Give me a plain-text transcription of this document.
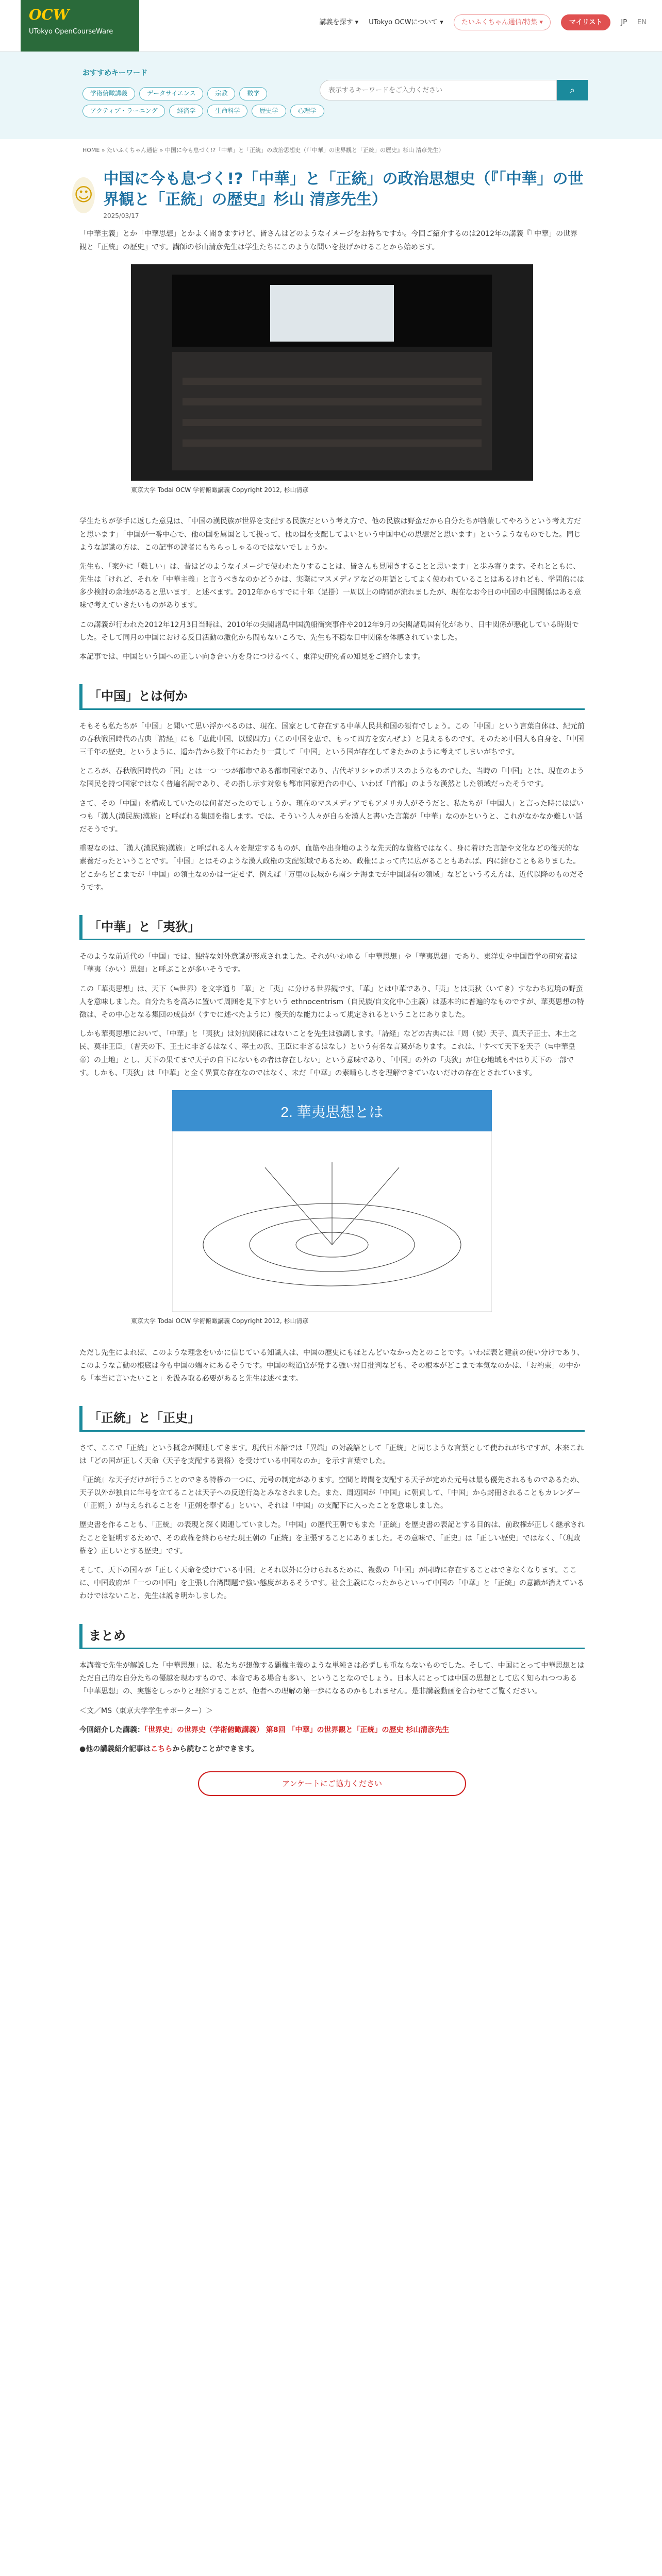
OCW
UTokyo OpenCourseWare
講義を探す ▾ UTokyo OCWについて ▾	たいふくちゃん通信/特集 ▾	マイリスト	JP EN
おすすめキーワード
学術俯瞰講義	データサイエンス	宗教	数学
アクティブ・ラーニング	経済学	生命科学	歴史学	心理学
表示するキーワードをご入力ください
⌕
HOME » たいふくちゃん通信 » 中国に今も息づく!?「中華」と「正統」の政治思想史（『「中華」の世界観と「正統」の歴史』杉山 清彦先生）
☺
中国に今も息づく!?「中華」と「正統」の政治思想史（『「中華」の世界観と「正統」の歴史』杉山 清彦先生）
2025/03/17

「中華主義」とか「中華思想」とかよく聞きますけど、皆さんはどのようなイメージをお持ちですか。今回ご紹介するのは2012年の講義『「中華」の世界観と「正統」の歴史』です。講師の杉山清彦先生は学生たちにこのような問いを投げかけることから始めます。

東京大学 Todai OCW 学術俯瞰講義 Copyright 2012, 杉山清彦

学生たちが挙手に返した意見は、「中国の漢民族が世界を支配する民族だという考え方で、他の民族は野蛮だから自分たちが啓蒙してやろうという考え方だと思います」「中国が一番中心で、他の国を属国として扱って、他の国を支配してよいという中国中心の思想だと思います」というようなものでした。同じような認識の方は、この記事の読者にもちらっしゃるのではないでしょうか。

先生も、「案外に「難しい」は、昔はどのようなイメージで使われたりすることは、皆さんも見聞きすることと思います」と歩み寄ります。それとともに、先生は「けれど、それを「中華主義」と言うべきなのかどうかは、実際にマスメディアなどの用語としてよく使われていることはあるけれども、学問的には多少検討の余地があると思います」と述べます。2012年からすでに十年（足掛）一周以上の時間が流れましたが、現在なお今日の中国の中国関係はある意味で考えていきたいものがあります。

この講義が行われた2012年12月3日当時は、2010年の尖閣諸島中国漁船衝突事件や2012年9月の尖閣諸島国有化があり、日中関係が悪化している時期でした。そして同月の中国における反日活動の激化から間もないころで、先生も不穏な日中関係を体感されていました。

本記事では、中国という国への正しい向き合い方を身につけるべく、東洋史研究者の知見をご紹介します。

「中国」とは何か

そもそも私たちが「中国」と聞いて思い浮かべるのは、現在、国家として存在する中華人民共和国の領有でしょう。この「中国」という言葉自体は、紀元前の春秋戦国時代の古典『詩経』にも「恵此中国、以綏四方」（この中国を恵で、もって四方を安んぜよ）と見えるものです。そのため中国人も自身を、「中国三千年の歴史」というように、遥か昔から数千年にわたり一貫して「中国」という国が存在してきたかのように考えてしまいがちです。

ところが、春秋戦国時代の「国」とは一つ一つが都市である都市国家であり、古代ギリシャのポリスのようなものでした。当時の「中国」とは、現在のような国民を持つ国家ではなく普遍名詞であり、その指し示す対象も都市国家連合の中心、いわば「首都」のような漢然とした領域だったそうです。

さて、その「中国」を構成していたのは何者だったのでしょうか。現在のマスメディアでもアメリカ人がそうだと、私たちが「中国人」と言った時にはばいつも「漢人(漢民族)漢族」と呼ばれる集団を指します。では、そういう人々が自らを漢人と書いた言葉が「中華」なのかというと、これがなかなか難しい話だそうです。

重要なのは、「漢人(漢民族)漢族」と呼ばれる人々を規定するものが、血筋や出身地のような先天的な資格ではなく、身に着けた言語や文化などの後天的な素養だったということです。「中国」とはそのような漢人政権の支配領域であるため、政権によって内に広がることもあれば、内に縮むこともありました。どこからどこまでが「中国」の領土なのかは一定せず、例えば「万里の長城から南シナ海までが中国固有の領域」などという考え方は、近代以降のものだそうです。

「中華」と「夷狄」

そのような前近代の「中国」では、独特な対外意識が形成されました。それがいわゆる「中華思想」や「華夷思想」であり、東洋史や中国哲学の研究者は「華夷（かい）思想」と呼ぶことが多いそうです。

この「華夷思想」は、天下（≒世界）を文字通り「華」と「夷」に分ける世界観です。「華」とは中華であり、「夷」とは夷狄（いてき）すなわち辺境の野蛮人を意味しました。自分たちを高みに置いて周囲を見下すという ethnocentrism（自民族/自文化中心主義）は基本的に普遍的なものですが、華夷思想の特徴は、その中心となる集団の成員が（すでに述べたように）後天的な能力によって規定されるということにありました。

しかも華夷思想において、「中華」と「夷狄」は対抗関係にはないことを先生は強調します。「詩経」などの古典には「周（侯）天子、真天子正士、本土之民、莫非王臣」（普天の下、王土に非ざるはなく、率土の浜、王臣に非ざるはなし）という有名な言葉があります。これは、「すべて天下を天子（≒中華皇帝）の土地」とし、天下の果てまで天子の自下にないもの者は存在しない」という意味であり、「中国」の外の「夷狄」が住む地域もやはり天下の一部です。しかも、「夷狄」は「中華」と全く異質な存在なのではなく、未だ「中華」の素晴らしさを理解できていないだけの存在とされています。

2. 華夷思想とは
東京大学 Todai OCW 学術俯瞰講義 Copyright 2012, 杉山清彦

ただし先生によれば、このような理念をいかに信じている知識人は、中国の歴史にもほとんどいなかったとのことです。いわば表と建前の使い分けであり、このような言動の根底は今も中国の端々にあるそうです。中国の報道官が発する強い対日批判なども、その根本がどこまで本気なのかは、「お約束」の中から「本当に言いたいこと」を汲み取る必要があると先生は述べます。

「正統」と「正史」

さて、ここで「正統」という概念が関連してきます。現代日本語では「異端」の対義語として「正統」と同じような言葉として使われがちですが、本来これは「どの国が正しく天命（天子を支配する資格）を受けている中国なのか」を示す言葉でした。

『正統』な天子だけが行うことのできる特権の一つに、元号の制定があります。空間と時間を支配する天子が定めた元号は最も優先されるものであるため、天子以外が独自に年号を立てることは天子への反逆行為とみなされました。また、周辺国が「中国」に朝貢して、「中国」から封冊されることもカレンダー（「正朔」）が与えられることを「正朔を奉ずる」といい、それは「中国」の支配下に入ったことを意味しました。

歴史書を作ることも、「正統」の表現と深く関連していました。「中国」の歴代王朝でもまた「正統」を歴史書の表記とする目的は、前政権が正しく継承されたことを証明するためで、その政権を終わらせた現王朝の「正統」を主張することにありました。その意味で、「正史」は「正しい歴史」ではなく、「（現政権を）正しいとする歴史」です。

そして、天下の国々が「正しく天命を受けている中国」とそれ以外に分けられるために、複数の「中国」が同時に存在することはできなくなります。ここに、中国政府が「一つの中国」を主張し台湾問題で強い態度があるそうです。社会主義になったからといって中国の「中華」と「正統」の意識が消えているわけではないこと、先生は説き明かしました。

まとめ

本講義で先生が解説した「中華思想」は、私たちが想像する覇権主義のような単純さは必ずしも重ならないものでした。そして、中国にとって中華思想とはただ自己的な自分たちの優越を現わすもので、本音である場合も多い、ということなのでしょう。日本人にとっては中国の思想として広く知られつつある「中華思想」の、実態をしっかりと理解することが、他者への理解の第一歩になるのかもしれません。是非講義動画を合わせてご覧ください。

＜文／MS（東京大学学生サポーター）＞

今回紹介した講義：「世界史」の世界史（学術俯瞰講義） 第8回 「中華」の世界観と「正統」の歴史 杉山清彦先生

●他の講義紹介記事はこちらから読むことができます。

アンケートにご協力ください
